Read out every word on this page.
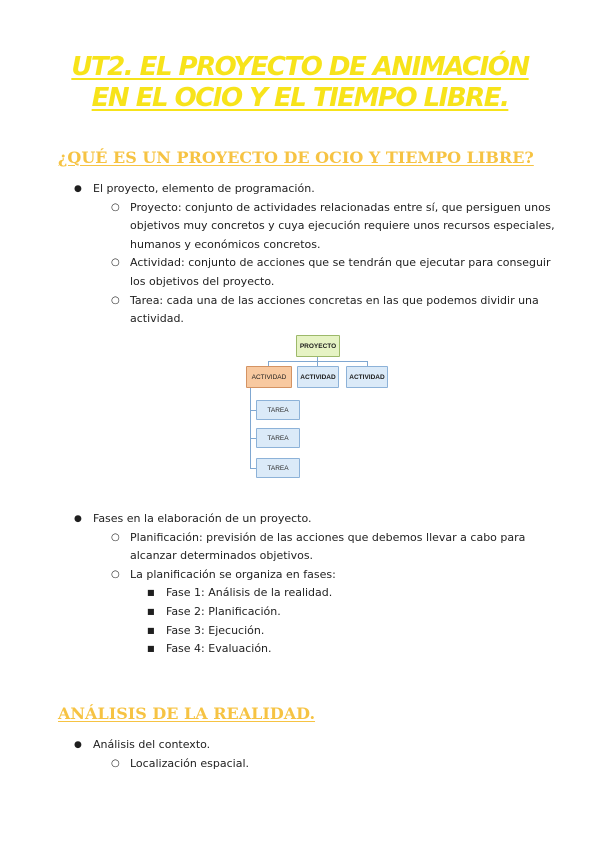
UT2. EL PROYECTO DE ANIMACIÓN
EN EL OCIO Y EL TIEMPO LIBRE.
¿QUÉ ES UN PROYECTO DE OCIO Y TIEMPO LIBRE?
● El proyecto, elemento de programación.
○ Proyecto: conjunto de actividades relacionadas entre sí, que persiguen unos objetivos muy concretos y cuya ejecución requiere unos recursos especiales, humanos y económicos concretos.
○ Actividad: conjunto de acciones que se tendrán que ejecutar para conseguir los objetivos del proyecto.
○ Tarea: cada una de las acciones concretas en las que podemos dividir una actividad.
PROYECTO
ACTIVIDAD	ACTIVIDAD	ACTIVIDAD
TAREA
TAREA
TAREA
● Fases en la elaboración de un proyecto.
○ Planificación: previsión de las acciones que debemos llevar a cabo para alcanzar determinados objetivos.
○ La planificación se organiza en fases:
■ Fase 1: Análisis de la realidad.
■ Fase 2: Planificación.
■ Fase 3: Ejecución.
■ Fase 4: Evaluación.
ANÁLISIS DE LA REALIDAD.
● Análisis del contexto.
○ Localización espacial.
